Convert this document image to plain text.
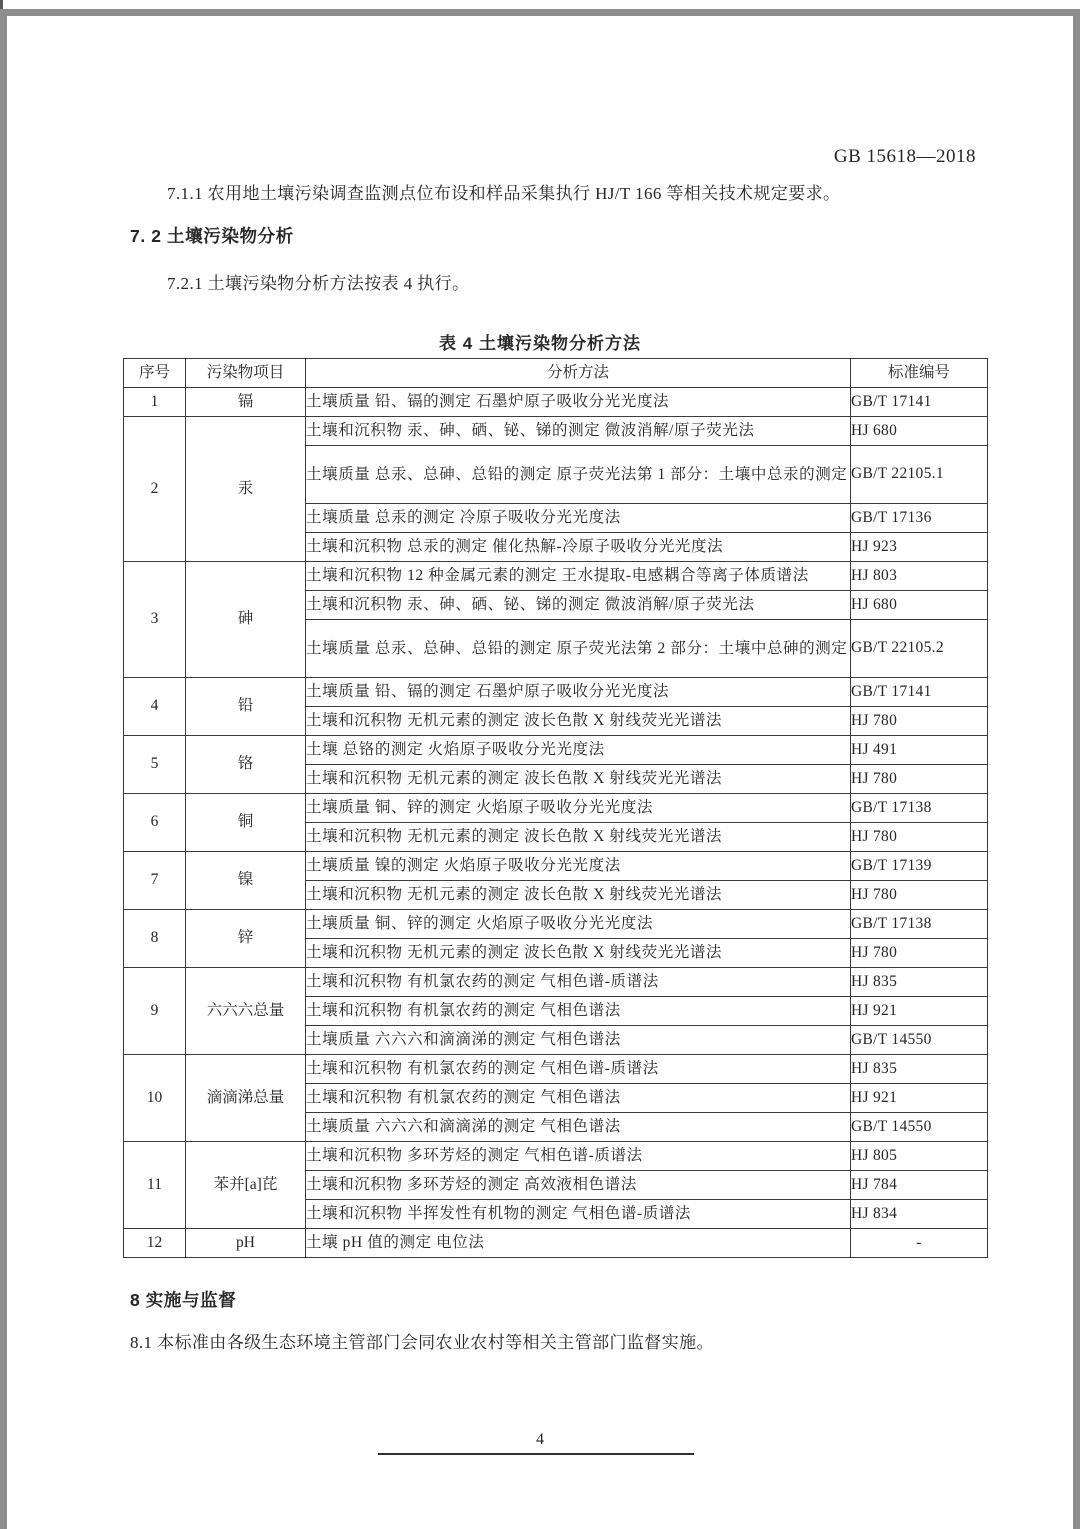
GB 15618—2018

7.1.1 农用地土壤污染调查监测点位布设和样品采集执行 HJ/T 166 等相关技术规定要求。

7. 2 土壤污染物分析

7.2.1 土壤污染物分析方法按表 4 执行。

表 4 土壤污染物分析方法
序号	污染物项目	分析方法	标准编号
1	镉	土壤质量 铅、镉的测定 石墨炉原子吸收分光光度法	GB/T 17141
2	汞	土壤和沉积物 汞、砷、硒、铋、锑的测定 微波消解/原子荧光法	HJ 680
		土壤质量 总汞、总砷、总铅的测定 原子荧光法第 1 部分：土壤中总汞的测定	GB/T 22105.1
		土壤质量 总汞的测定 冷原子吸收分光光度法	GB/T 17136
		土壤和沉积物 总汞的测定 催化热解-冷原子吸收分光光度法	HJ 923
3	砷	土壤和沉积物 12 种金属元素的测定 王水提取-电感耦合等离子体质谱法	HJ 803
		土壤和沉积物 汞、砷、硒、铋、锑的测定 微波消解/原子荧光法	HJ 680
		土壤质量 总汞、总砷、总铅的测定 原子荧光法第 2 部分：土壤中总砷的测定	GB/T 22105.2
4	铅	土壤质量 铅、镉的测定 石墨炉原子吸收分光光度法	GB/T 17141
		土壤和沉积物 无机元素的测定 波长色散 X 射线荧光光谱法	HJ 780
5	铬	土壤 总铬的测定 火焰原子吸收分光光度法	HJ 491
		土壤和沉积物 无机元素的测定 波长色散 X 射线荧光光谱法	HJ 780
6	铜	土壤质量 铜、锌的测定 火焰原子吸收分光光度法	GB/T 17138
		土壤和沉积物 无机元素的测定 波长色散 X 射线荧光光谱法	HJ 780
7	镍	土壤质量 镍的测定 火焰原子吸收分光光度法	GB/T 17139
		土壤和沉积物 无机元素的测定 波长色散 X 射线荧光光谱法	HJ 780
8	锌	土壤质量 铜、锌的测定 火焰原子吸收分光光度法	GB/T 17138
		土壤和沉积物 无机元素的测定 波长色散 X 射线荧光光谱法	HJ 780
9	六六六总量	土壤和沉积物 有机氯农药的测定 气相色谱-质谱法	HJ 835
		土壤和沉积物 有机氯农药的测定 气相色谱法	HJ 921
		土壤质量 六六六和滴滴涕的测定 气相色谱法	GB/T 14550
10	滴滴涕总量	土壤和沉积物 有机氯农药的测定 气相色谱-质谱法	HJ 835
		土壤和沉积物 有机氯农药的测定 气相色谱法	HJ 921
		土壤质量 六六六和滴滴涕的测定 气相色谱法	GB/T 14550
11	苯并[a]芘	土壤和沉积物 多环芳烃的测定 气相色谱-质谱法	HJ 805
		土壤和沉积物 多环芳烃的测定 高效液相色谱法	HJ 784
		土壤和沉积物 半挥发性有机物的测定 气相色谱-质谱法	HJ 834
12	pH	土壤 pH 值的测定 电位法	-
8 实施与监督

8.1 本标准由各级生态环境主管部门会同农业农村等相关主管部门监督实施。

4
